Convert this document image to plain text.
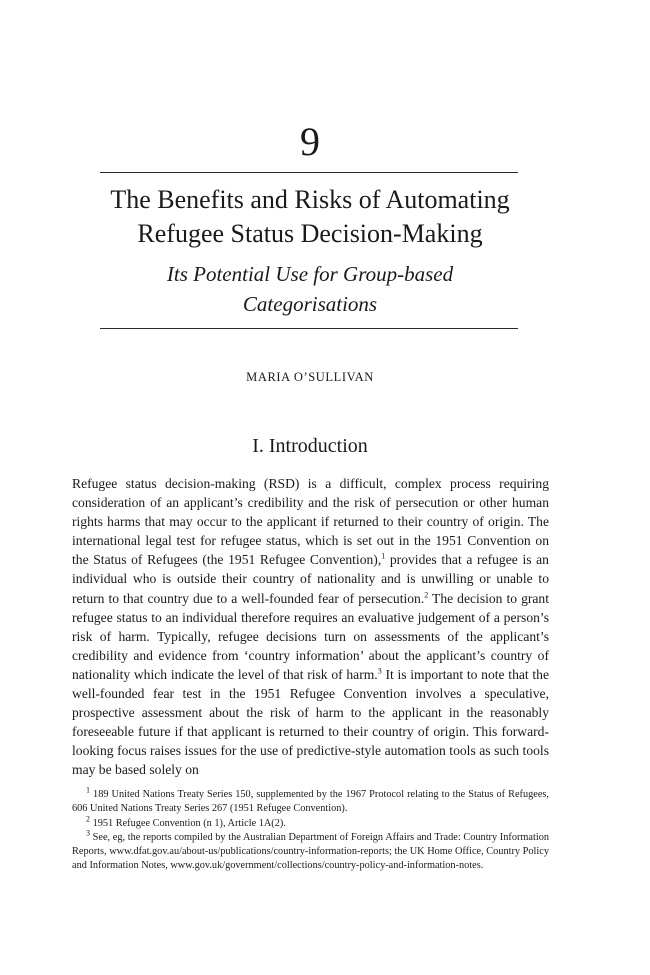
9
The Benefits and Risks of Automating
Refugee Status Decision-Making
Its Potential Use for Group-based
Categorisations
MARIA O’SULLIVAN
I. Introduction

Refugee status decision-making (RSD) is a difficult, complex process requiring consideration of an applicant’s credibility and the risk of persecution or other human rights harms that may occur to the applicant if returned to their country of origin. The international legal test for refugee status, which is set out in the 1951 Convention on the Status of Refugees (the 1951 Refugee Convention),$^1$ provides that a refugee is an individual who is outside their country of nationality and is unwilling or unable to return to that country due to a well-founded fear of persecution.$^2$ The decision to grant refugee status to an individual therefore requires an evaluative judgement of a person’s risk of harm. Typically, refugee decisions turn on assessments of the applicant’s credibility and evidence from ‘country information’ about the applicant’s country of nationality which indicate the level of that risk of harm.$^3$ It is important to note that the well-founded fear test in the 1951 Refugee Convention involves a speculative, prospective assessment about the risk of harm to the applicant in the reasonably foreseeable future if that applicant is returned to their country of origin. This forward-looking focus raises issues for the use of predictive-style automation tools as such tools may be based solely on

$^1$ 189 United Nations Treaty Series 150, supplemented by the 1967 Protocol relating to the Status of Refugees, 606 United Nations Treaty Series 267 (1951 Refugee Convention).

$^2$ 1951 Refugee Convention (n 1), Article 1A(2).

$^3$ See, eg, the reports compiled by the Australian Department of Foreign Affairs and Trade: Country Information Reports, www.dfat.gov.au/about-us/publications/country-information-reports; the UK Home Office, Country Policy and Information Notes, www.gov.uk/government/collections/country-policy-and-information-notes.
